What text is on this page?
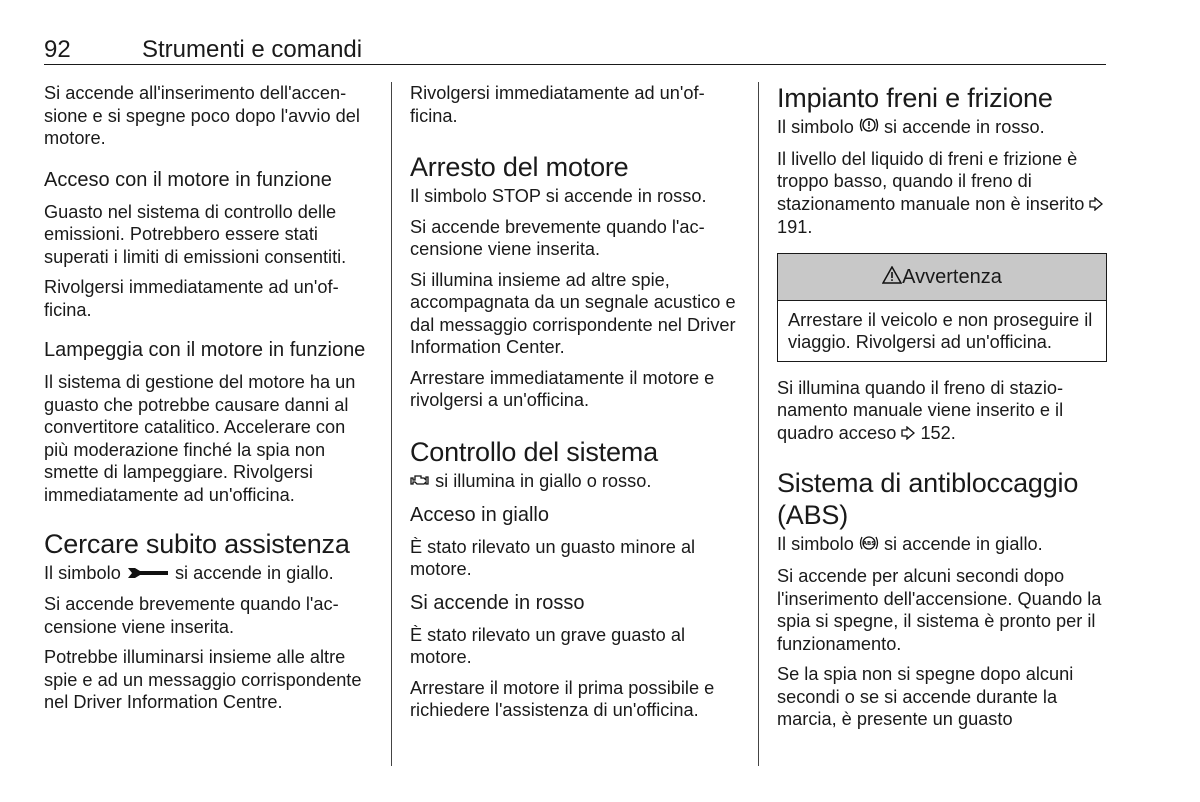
92	Strumenti e comandi

Si accende all'inserimento dell'accensione e si spegne poco dopo l'avvio del motore.

Acceso con il motore in funzione

Guasto nel sistema di controllo delle emissioni. Potrebbero essere stati superati i limiti di emissioni consentiti.

Rivolgersi immediatamente ad un'officina.

Lampeggia con il motore in funzione

Il sistema di gestione del motore ha un guasto che potrebbe causare danni al convertitore catalitico. Accelerare con più moderazione finché la spia non smette di lampeggiare. Rivolgersi immediatamente ad un'officina.

Cercare subito assistenza

Il simbolo	si accende in giallo.

Si accende brevemente quando l'accensione viene inserita.

Potrebbe illuminarsi insieme alle altre spie e ad un messaggio corrispondente nel Driver Information Centre.

Rivolgersi immediatamente ad un'officina.

Arresto del motore

Il simbolo STOP si accende in rosso.

Si accende brevemente quando l'accensione viene inserita.

Si illumina insieme ad altre spie, accompagnata da un segnale acustico e dal messaggio corrispondente nel Driver Information Center.

Arrestare immediatamente il motore e rivolgersi a un'officina.

Controllo del sistema

si illumina in giallo o rosso.

Acceso in giallo

È stato rilevato un guasto minore al motore.

Si accende in rosso

È stato rilevato un grave guasto al motore.

Arrestare il motore il prima possibile e richiedere l'assistenza di un'officina.

Impianto freni e frizione

Il simbolo si accende in rosso.

Il livello del liquido di freni e frizione è troppo basso, quando il freno di stazionamento manuale non è inserito  191.

Avvertenza

Arrestare il veicolo e non proseguire il viaggio. Rivolgersi ad un'officina.

Si illumina quando il freno di stazionamento manuale viene inserito e il quadro acceso 152.

Sistema di antibloccaggio (ABS)

Il simbolo ABS si accende in giallo.

Si accende per alcuni secondi dopo l'inserimento dell'accensione. Quando la spia si spegne, il sistema è pronto per il funzionamento.

Se la spia non si spegne dopo alcuni secondi o se si accende durante la marcia, è presente un guasto
